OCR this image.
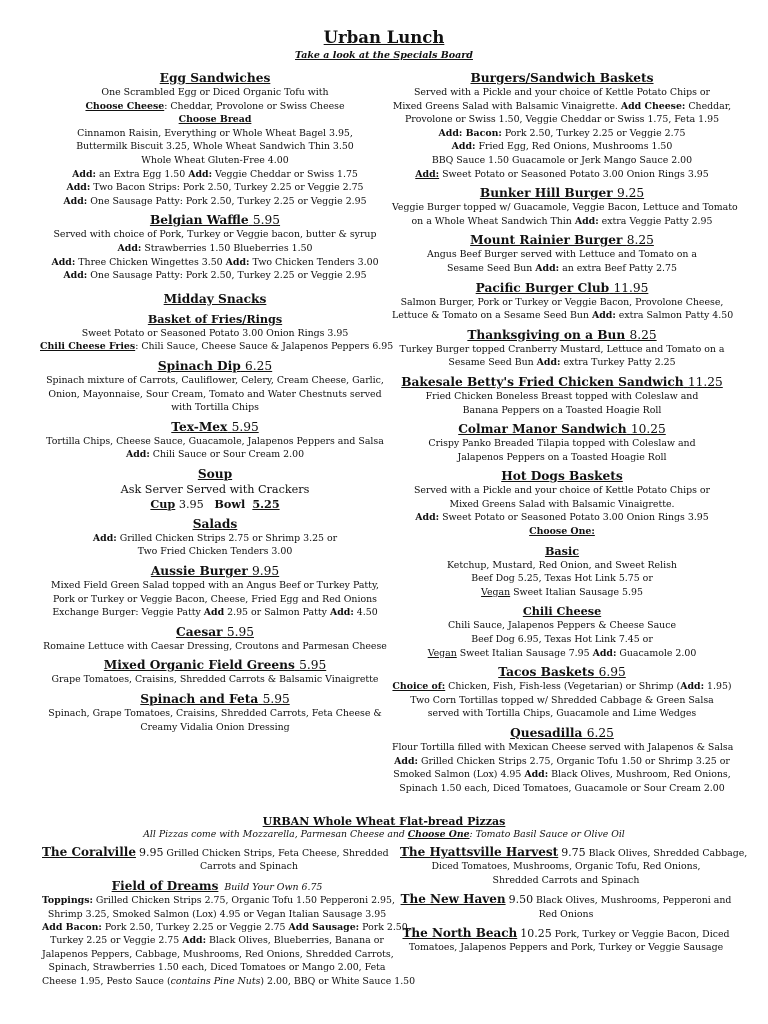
Urban Lunch
Take a look at the Specials Board
Egg Sandwiches
One Scrambled Egg or Diced Organic Tofu with
Choose Cheese: Cheddar, Provolone or Swiss Cheese
Choose Bread
Cinnamon Raisin, Everything or Whole Wheat Bagel 3.95,
Buttermilk Biscuit 3.25, Whole Wheat Sandwich Thin 3.50
Whole Wheat Gluten-Free 4.00
Add: an Extra Egg 1.50 Add: Veggie Cheddar or Swiss 1.75
Add: Two Bacon Strips: Pork 2.50, Turkey 2.25 or Veggie 2.75
Add: One Sausage Patty: Pork 2.50, Turkey 2.25 or Veggie 2.95
Belgian Waffle 5.95
Served with choice of Pork, Turkey or Veggie bacon, butter & syrup
Add: Strawberries 1.50 Blueberries 1.50
Add: Three Chicken Wingettes 3.50 Add: Two Chicken Tenders 3.00
Add: One Sausage Patty: Pork 2.50, Turkey 2.25 or Veggie 2.95
Midday Snacks
Basket of Fries/Rings
Sweet Potato or Seasoned Potato 3.00 Onion Rings 3.95
Chili Cheese Fries: Chili Sauce, Cheese Sauce & Jalapenos Peppers 6.95
Spinach Dip 6.25
Spinach mixture of Carrots, Cauliflower, Celery, Cream Cheese, Garlic,
Onion, Mayonnaise, Sour Cream, Tomato and Water Chestnuts served
with Tortilla Chips
Tex-Mex 5.95
Tortilla Chips, Cheese Sauce, Guacamole, Jalapenos Peppers and Salsa
Add: Chili Sauce or Sour Cream 2.00
Soup
Ask Server Served with Crackers
Cup 3.95 Bowl 5.25
Salads
Add: Grilled Chicken Strips 2.75 or Shrimp 3.25 or
Two Fried Chicken Tenders 3.00
Aussie Burger 9.95
Mixed Field Green Salad topped with an Angus Beef or Turkey Patty,
Pork or Turkey or Veggie Bacon, Cheese, Fried Egg and Red Onions
Exchange Burger: Veggie Patty Add 2.95 or Salmon Patty Add: 4.50
Caesar 5.95
Romaine Lettuce with Caesar Dressing, Croutons and Parmesan Cheese
Mixed Organic Field Greens 5.95
Grape Tomatoes, Craisins, Shredded Carrots & Balsamic Vinaigrette
Spinach and Feta 5.95
Spinach, Grape Tomatoes, Craisins, Shredded Carrots, Feta Cheese &
Creamy Vidalia Onion Dressing
Burgers/Sandwich Baskets
Served with a Pickle and your choice of Kettle Potato Chips or
Mixed Greens Salad with Balsamic Vinaigrette. Add Cheese: Cheddar,
Provolone or Swiss 1.50, Veggie Cheddar or Swiss 1.75, Feta 1.95
Add: Bacon: Pork 2.50, Turkey 2.25 or Veggie 2.75
Add: Fried Egg, Red Onions, Mushrooms 1.50
BBQ Sauce 1.50 Guacamole or Jerk Mango Sauce 2.00
Add: Sweet Potato or Seasoned Potato 3.00 Onion Rings 3.95
Bunker Hill Burger 9.25
Veggie Burger topped w/ Guacamole, Veggie Bacon, Lettuce and Tomato
on a Whole Wheat Sandwich Thin Add: extra Veggie Patty 2.95
Mount Rainier Burger 8.25
Angus Beef Burger served with Lettuce and Tomato on a
Sesame Seed Bun Add: an extra Beef Patty 2.75
Pacific Burger Club 11.95
Salmon Burger, Pork or Turkey or Veggie Bacon, Provolone Cheese,
Lettuce & Tomato on a Sesame Seed Bun Add: extra Salmon Patty 4.50
Thanksgiving on a Bun 8.25
Turkey Burger topped Cranberry Mustard, Lettuce and Tomato on a
Sesame Seed Bun Add: extra Turkey Patty 2.25
Bakesale Betty's Fried Chicken Sandwich 11.25
Fried Chicken Boneless Breast topped with Coleslaw and
Banana Peppers on a Toasted Hoagie Roll
Colmar Manor Sandwich 10.25
Crispy Panko Breaded Tilapia topped with Coleslaw and
Jalapenos Peppers on a Toasted Hoagie Roll
Hot Dogs Baskets
Served with a Pickle and your choice of Kettle Potato Chips or
Mixed Greens Salad with Balsamic Vinaigrette.
Add: Sweet Potato or Seasoned Potato 3.00 Onion Rings 3.95
Choose One:
Basic
Ketchup, Mustard, Red Onion, and Sweet Relish
Beef Dog 5.25, Texas Hot Link 5.75 or
Vegan Sweet Italian Sausage 5.95
Chili Cheese
Chili Sauce, Jalapenos Peppers & Cheese Sauce
Beef Dog 6.95, Texas Hot Link 7.45 or
Vegan Sweet Italian Sausage 7.95 Add: Guacamole 2.00
Tacos Baskets 6.95
Choice of: Chicken, Fish, Fish-less (Vegetarian) or Shrimp (Add: 1.95)
Two Corn Tortillas topped w/ Shredded Cabbage & Green Salsa
served with Tortilla Chips, Guacamole and Lime Wedges
Quesadilla 6.25
Flour Tortilla filled with Mexican Cheese served with Jalapenos & Salsa
Add: Grilled Chicken Strips 2.75, Organic Tofu 1.50 or Shrimp 3.25 or
Smoked Salmon (Lox) 4.95 Add: Black Olives, Mushroom, Red Onions,
Spinach 1.50 each, Diced Tomatoes, Guacamole or Sour Cream 2.00
URBAN Whole Wheat Flat-bread Pizzas
All Pizzas come with Mozzarella, Parmesan Cheese and Choose One: Tomato Basil Sauce or Olive Oil
The Coralville 9.95 Grilled Chicken Strips, Feta Cheese, Shredded
Carrots and Spinach
Field of Dreams Build Your Own 6.75
Toppings: Grilled Chicken Strips 2.75, Organic Tofu 1.50 Pepperoni 2.95,
Shrimp 3.25, Smoked Salmon (Lox) 4.95 or Vegan Italian Sausage 3.95
Add Bacon: Pork 2.50, Turkey 2.25 or Veggie 2.75 Add Sausage: Pork 2.50,
Turkey 2.25 or Veggie 2.75 Add: Black Olives, Blueberries, Banana or
Jalapenos Peppers, Cabbage, Mushrooms, Red Onions, Shredded Carrots,
Spinach, Strawberries 1.50 each, Diced Tomatoes or Mango 2.00, Feta
Cheese 1.95, Pesto Sauce (contains Pine Nuts) 2.00, BBQ or White Sauce 1.50
The Hyattsville Harvest 9.75 Black Olives, Shredded Cabbage,
Diced Tomatoes, Mushrooms, Organic Tofu, Red Onions,
Shredded Carrots and Spinach
The New Haven 9.50 Black Olives, Mushrooms, Pepperoni and
Red Onions
The North Beach 10.25 Pork, Turkey or Veggie Bacon, Diced
Tomatoes, Jalapenos Peppers and Pork, Turkey or Veggie Sausage
